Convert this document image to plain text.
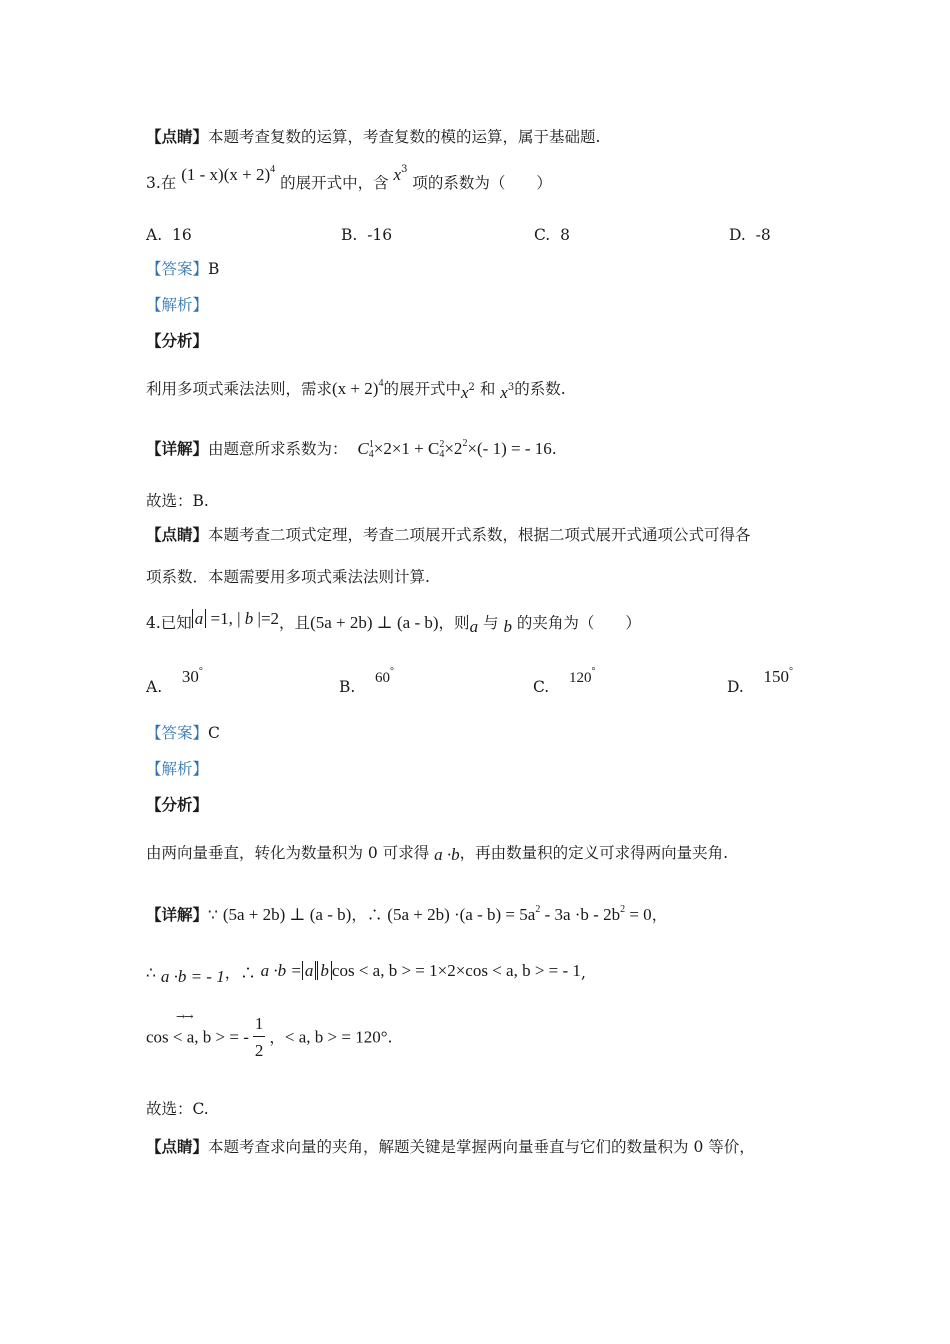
【点睛】本题考查复数的运算，考查复数的模的运算，属于基础题.
3.在 $(1 - x)(x + 2)^4$ 的展开式中，含 $x^3$ 项的系数为（　　）
A. 16	B. -16	C. 8	D. -8
【答案】B
【解析】
【分析】
利用多项式乘法法则，需求$(x + 2)^4$的展开式中$x^2$ 和 $x^3$的系数.
【详解】由题意所求系数为： C1
4×2×1 + C2
$4\times 2^2\times(-$ 1) = - 16.
故选：B.
【点睛】本题考查二项式定理，考查二项展开式系数，根据二项式展开式通项公式可得各
项系数．本题需要用多项式乘法法则计算.
4.已知 a =1, | b |=2，且(5a + 2b) ⊥ (a - b)，则a 与 b 的夹角为（　　）
A.    30°
B. 60°
C. 120°
D.    150°
【答案】C
【解析】
【分析】
由两向量垂直，转化为数量积为 0 可求得 a ·b，再由数量积的定义可求得两向量夹角.
【详解】∵ (5a + 2b) ⊥ (a - b)，∴ $(5a + 2b) \cdot(a - b) = 5a^2 - 3a \cdot b - 2b^2 = 0$，
∴ a ·b = - 1，∴ a ·b = a b cos < a, b > = 1×2×cos < a, b > = - 1,
→→
cos < a, b > = - $\frac{1}{2}$ ，< a, b > = 120°.
故选：C.
【点睛】本题考查求向量的夹角，解题关键是掌握两向量垂直与它们的数量积为 0 等价，
